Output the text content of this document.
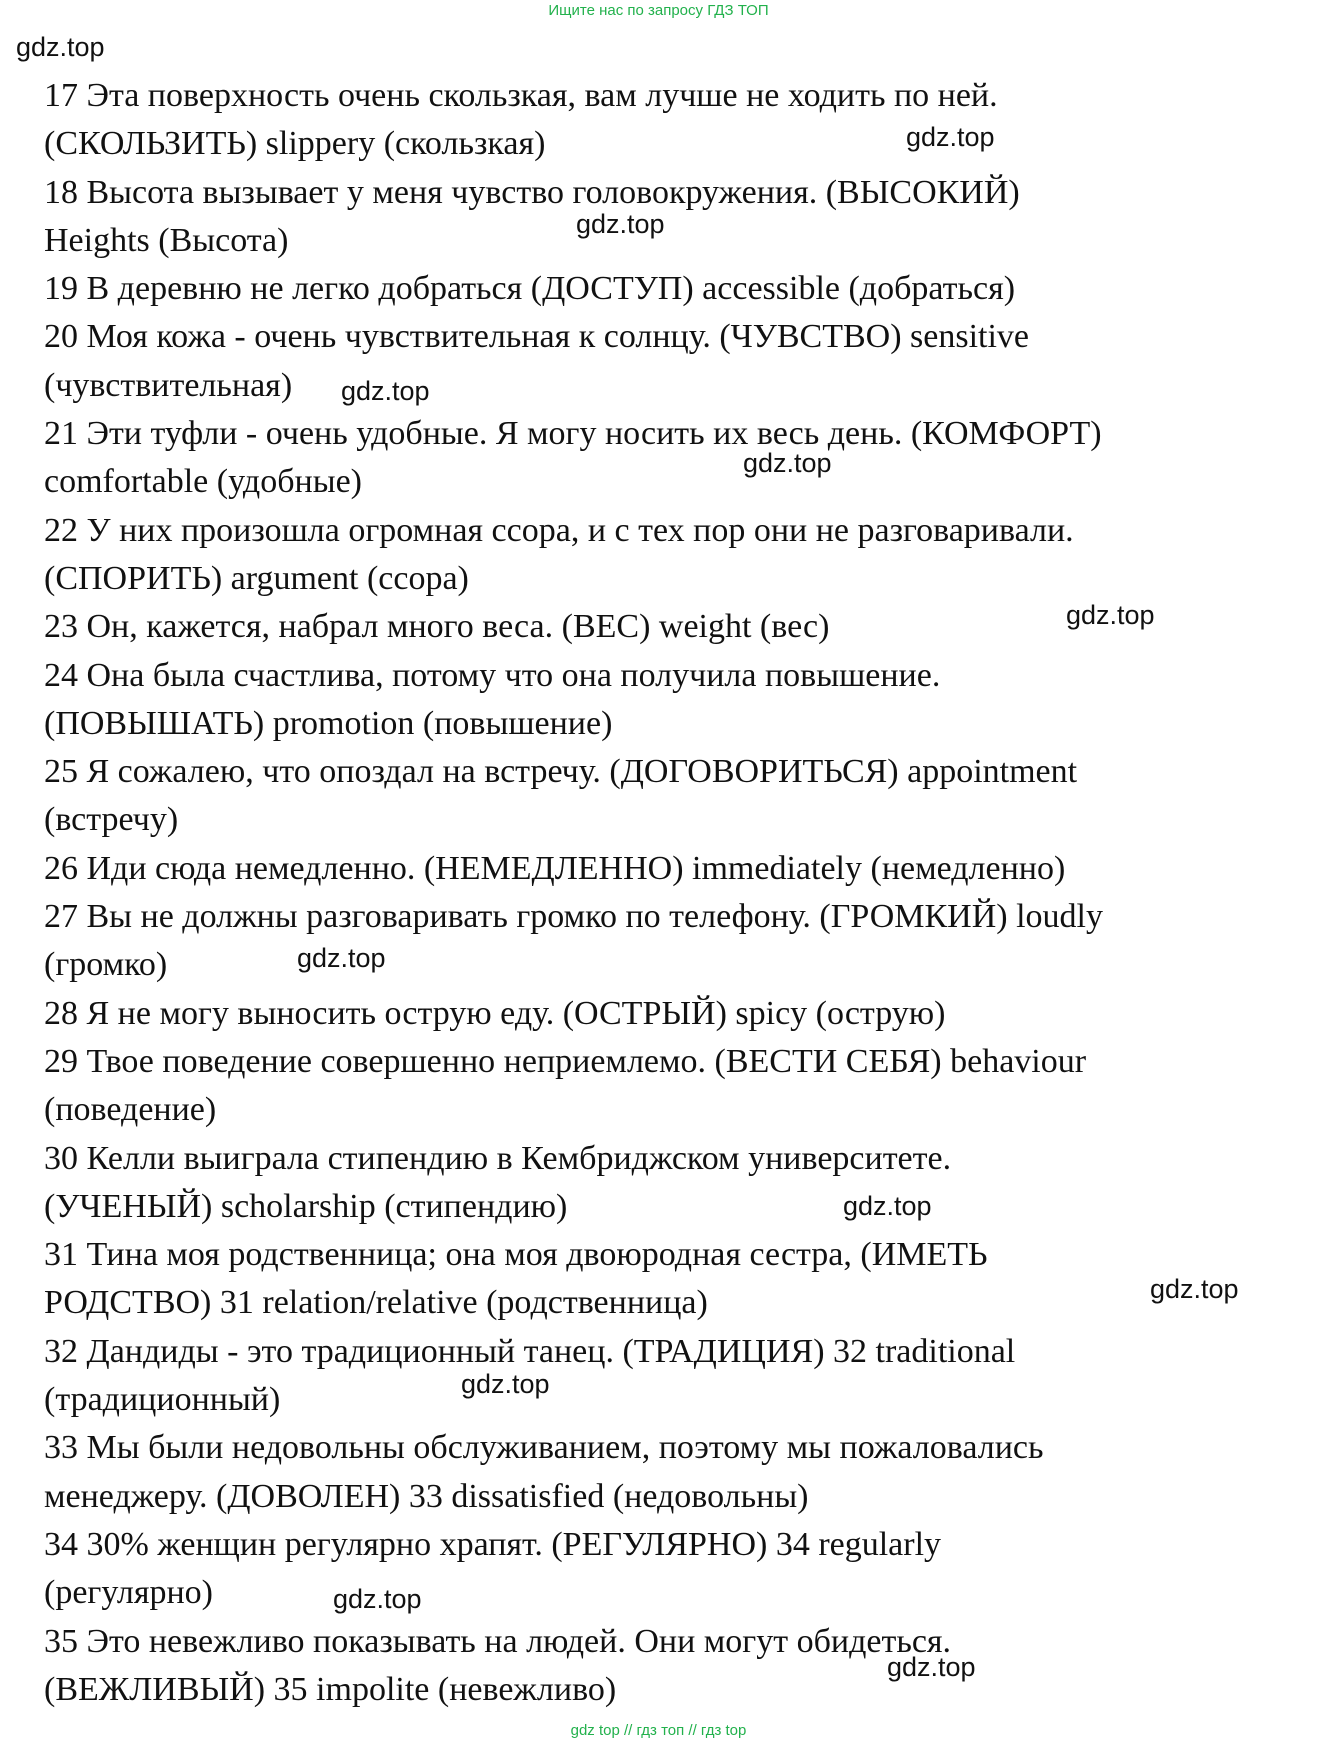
Ищите нас по запросу ГДЗ ТОП

17 Эта поверхность очень скользкая, вам лучше не ходить по ней.

(СКОЛЬЗИТЬ) slippery (скользкая)

18 Высота вызывает у меня чувство головокружения. (ВЫСОКИЙ)

Heights (Высота)

19 В деревню не легко добраться (ДОСТУП) accessible (добраться)

20 Моя кожа - очень чувствительная к солнцу. (ЧУВСТВО) sensitive

(чувствительная)

21 Эти туфли - очень удобные. Я могу носить их весь день. (КОМФОРТ)

comfortable (удобные)

22 У них произошла огромная ссора, и с тех пор они не разговаривали.

(СПОРИТЬ) argument (ссора)

23 Он, кажется, набрал много веса. (ВЕС) weight (вес)

24 Она была счастлива, потому что она получила повышение.

(ПОВЫШАТЬ) promotion (повышение)

25 Я сожалею, что опоздал на встречу. (ДОГОВОРИТЬСЯ) appointment

(встречу)

26 Иди сюда немедленно. (НЕМЕДЛЕННО) immediately (немедленно)

27 Вы не должны разговаривать громко по телефону. (ГРОМКИЙ) loudly

(громко)

28 Я не могу выносить острую еду. (ОСТРЫЙ) spicy (острую)

29 Твое поведение совершенно неприемлемо. (ВЕСТИ СЕБЯ) behaviour

(поведение)

30 Келли выиграла стипендию в Кембриджском университете.

(УЧЕНЫЙ) scholarship (стипендию)

31 Тина моя родственница; она моя двоюродная сестра, (ИМЕТЬ

РОДСТВО) 31 relation/relative (родственница)

32 Дандиды - это традиционный танец. (ТРАДИЦИЯ) 32 traditional

(традиционный)

33 Мы были недовольны обслуживанием, поэтому мы пожаловались

менеджеру. (ДОВОЛЕН) 33 dissatisfied (недовольны)

34 30% женщин регулярно храпят. (РЕГУЛЯРНО) 34 regularly

(регулярно)

35 Это невежливо показывать на людей. Они могут обидеться.

(ВЕЖЛИВЫЙ) 35 impolite (невежливо)

gdz.top
gdz.top
gdz.top
gdz.top
gdz.top
gdz.top
gdz.top
gdz.top
gdz.top
gdz.top
gdz.top
gdz.top
gdz top // гдз топ // гдз top
